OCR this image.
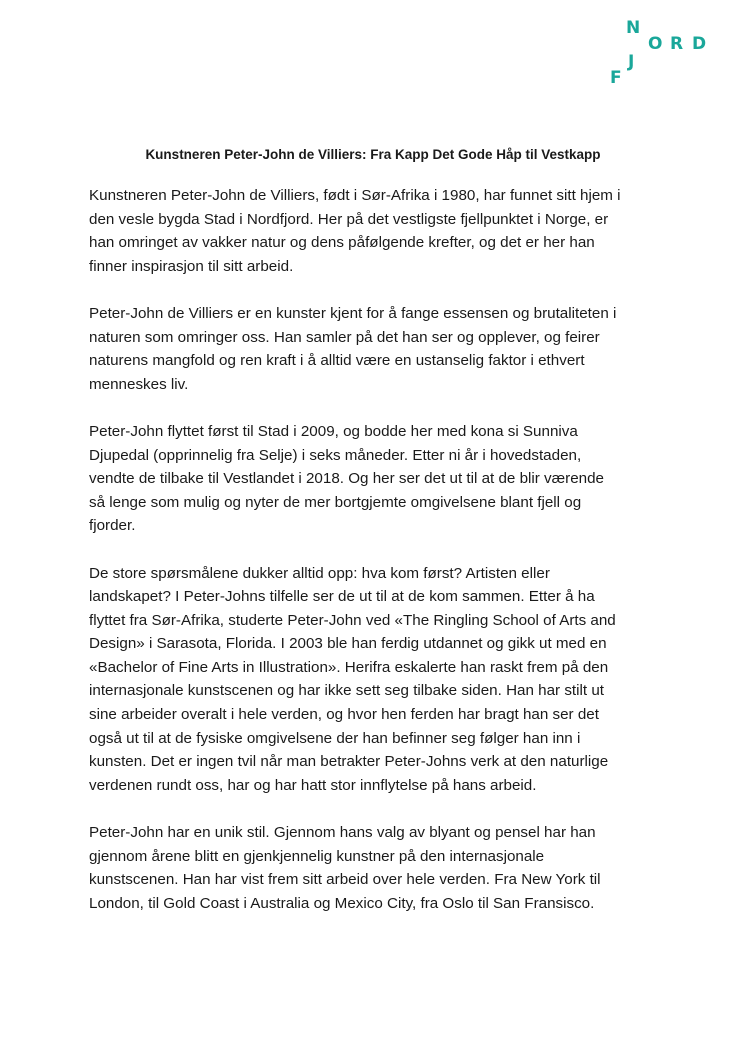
N
O R D
J
F
Kunstneren Peter-John de Villiers: Fra Kapp Det Gode Håp til Vestkapp

Kunstneren Peter-John de Villiers, født i Sør-Afrika i 1980, har funnet sitt hjem i
den vesle bygda Stad i Nordfjord. Her på det vestligste fjellpunktet i Norge, er
han omringet av vakker natur og dens påfølgende krefter, og det er her han
finner inspirasjon til sitt arbeid.

Peter-John de Villiers er en kunster kjent for å fange essensen og brutaliteten i
naturen som omringer oss. Han samler på det han ser og opplever, og feirer
naturens mangfold og ren kraft i å alltid være en ustanselig faktor i ethvert
menneskes liv.

Peter-John flyttet først til Stad i 2009, og bodde her med kona si Sunniva
Djupedal (opprinnelig fra Selje) i seks måneder. Etter ni år i hovedstaden,
vendte de tilbake til Vestlandet i 2018. Og her ser det ut til at de blir værende
så lenge som mulig og nyter de mer bortgjemte omgivelsene blant fjell og
fjorder.

De store spørsmålene dukker alltid opp: hva kom først? Artisten eller
landskapet? I Peter-Johns tilfelle ser de ut til at de kom sammen. Etter å ha
flyttet fra Sør-Afrika, studerte Peter-John ved «The Ringling School of Arts and
Design» i Sarasota, Florida. I 2003 ble han ferdig utdannet og gikk ut med en
«Bachelor of Fine Arts in Illustration». Herifra eskalerte han raskt frem på den
internasjonale kunstscenen og har ikke sett seg tilbake siden. Han har stilt ut
sine arbeider overalt i hele verden, og hvor hen ferden har bragt han ser det
også ut til at de fysiske omgivelsene der han befinner seg følger han inn i
kunsten. Det er ingen tvil når man betrakter Peter-Johns verk at den naturlige
verdenen rundt oss, har og har hatt stor innflytelse på hans arbeid.

Peter-John har en unik stil. Gjennom hans valg av blyant og pensel har han
gjennom årene blitt en gjenkjennelig kunstner på den internasjonale
kunstscenen. Han har vist frem sitt arbeid over hele verden. Fra New York til
London, til Gold Coast i Australia og Mexico City, fra Oslo til San Fransisco.
